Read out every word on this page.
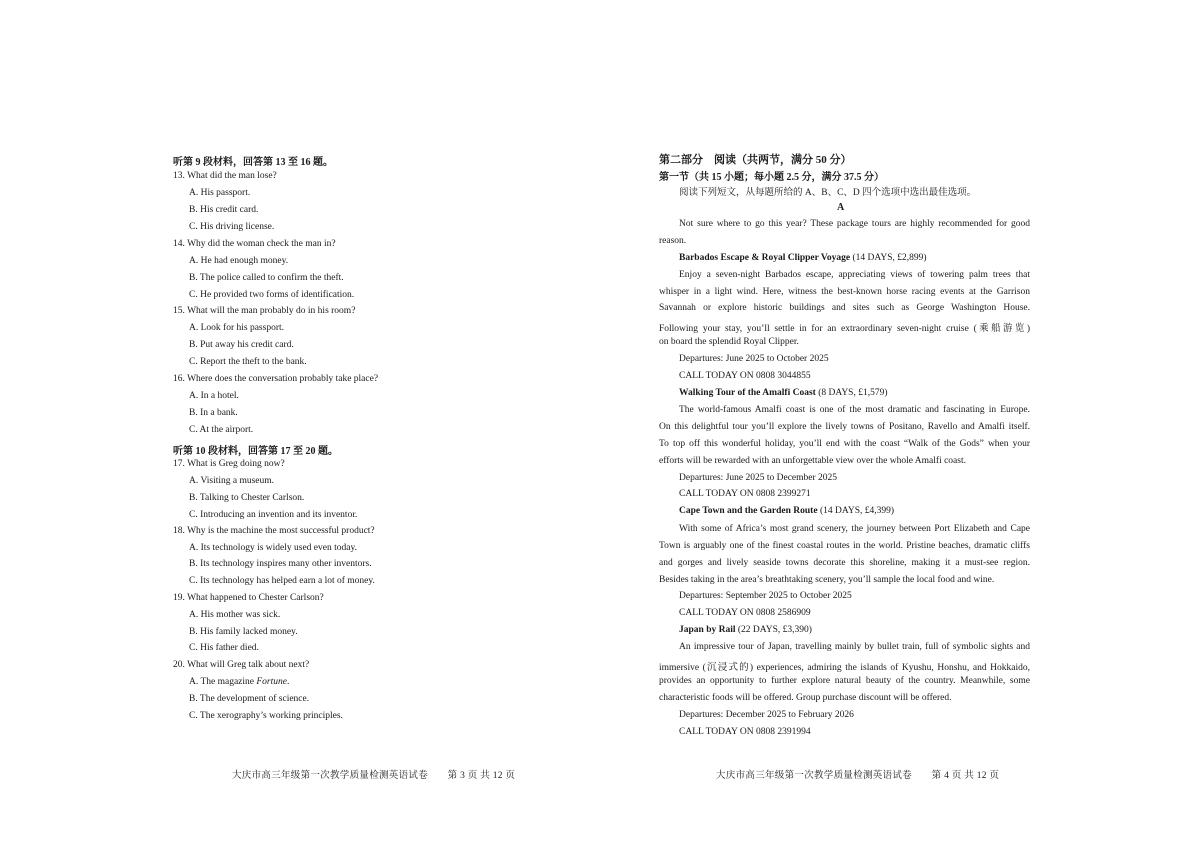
听第 9 段材料，回答第 13 至 16 题。
13. What did the man lose?
A. His passport.
B. His credit card.
C. His driving license.
14. Why did the woman check the man in?
A. He had enough money.
B. The police called to confirm the theft.
C. He provided two forms of identification.
15. What will the man probably do in his room?
A. Look for his passport.
B. Put away his credit card.
C. Report the theft to the bank.
16. Where does the conversation probably take place?
A. In a hotel.
B. In a bank.
C. At the airport.
听第 10 段材料，回答第 17 至 20 题。
17. What is Greg doing now?
A. Visiting a museum.
B. Talking to Chester Carlson.
C. Introducing an invention and its inventor.
18. Why is the machine the most successful product?
A. Its technology is widely used even today.
B. Its technology inspires many other inventors.
C. Its technology has helped earn a lot of money.
19. What happened to Chester Carlson?
A. His mother was sick.
B. His family lacked money.
C. His father died.
20. What will Greg talk about next?
A. The magazine Fortune.
B. The development of science.
C. The xerography’s working principles.
大庆市高三年级第一次教学质量检测英语试卷　　第 3 页 共 12 页
第二部分　阅读（共两节，满分 50 分）
第一节（共 15 小题；每小题 2.5 分，满分 37.5 分）
阅读下列短文，从每题所给的 A、B、C、D 四个选项中选出最佳选项。
A
Not sure where to go this year? These package tours are highly recommended for good
reason.
Barbados Escape & Royal Clipper Voyage (14 DAYS, £2,899)
Enjoy a seven-night Barbados escape, appreciating views of towering palm trees that
whisper in a light wind. Here, witness the best-known horse racing events at the Garrison
Savannah or explore historic buildings and sites such as George Washington House.
Following your stay, you’ll settle in for an extraordinary seven-night cruise (乘船游览)
on board the splendid Royal Clipper.
Departures: June 2025 to October 2025
CALL TODAY ON 0808 3044855
Walking Tour of the Amalfi Coast (8 DAYS, £1,579)
The world-famous Amalfi coast is one of the most dramatic and fascinating in Europe.
On this delightful tour you’ll explore the lively towns of Positano, Ravello and Amalfi itself.
To top off this wonderful holiday, you’ll end with the coast “Walk of the Gods” when your
efforts will be rewarded with an unforgettable view over the whole Amalfi coast.
Departures: June 2025 to December 2025
CALL TODAY ON 0808 2399271
Cape Town and the Garden Route (14 DAYS, £4,399)
With some of Africa’s most grand scenery, the journey between Port Elizabeth and Cape
Town is arguably one of the finest coastal routes in the world. Pristine beaches, dramatic cliffs
and gorges and lively seaside towns decorate this shoreline, making it a must-see region.
Besides taking in the area’s breathtaking scenery, you’ll sample the local food and wine.
Departures: September 2025 to October 2025
CALL TODAY ON 0808 2586909
Japan by Rail (22 DAYS, £3,390)
An impressive tour of Japan, travelling mainly by bullet train, full of symbolic sights and
immersive (沉浸式的) experiences, admiring the islands of Kyushu, Honshu, and Hokkaido,
provides an opportunity to further explore natural beauty of the country. Meanwhile, some
characteristic foods will be offered. Group purchase discount will be offered.
Departures: December 2025 to February 2026
CALL TODAY ON 0808 2391994
大庆市高三年级第一次教学质量检测英语试卷　　第 4 页 共 12 页
